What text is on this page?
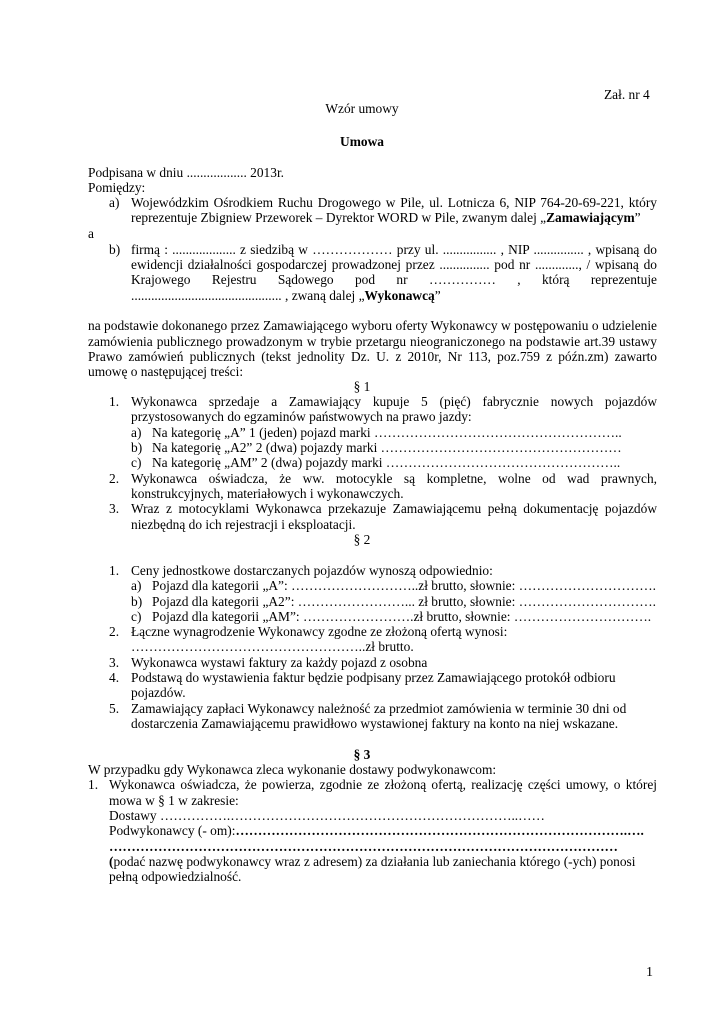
Zał. nr 4
Wzór umowy
Umowa
Podpisana w dniu .................. 2013r.
Pomiędzy:
a) Wojewódzkim Ośrodkiem Ruchu Drogowego w Pile, ul. Lotnicza 6, NIP 764-20-69-221, który
reprezentuje Zbigniew Przeworek – Dyrektor WORD w Pile, zwanym dalej „Zamawiającym”
a
b) firmą : ................... z siedzibą w ……………… przy ul. ................ , NIP ............... , wpisaną do
ewidencji działalności gospodarczej prowadzonej przez ............... pod nr ............., / wpisaną do
Krajowego Rejestru Sądowego pod nr …………… , którą reprezentuje
............................................. , zwaną dalej „Wykonawcą”
na podstawie dokonanego przez Zamawiającego wyboru oferty Wykonawcy w postępowaniu o udzielenie
zamówienia publicznego prowadzonym w trybie przetargu nieograniczonego na podstawie art.39 ustawy
Prawo zamówień publicznych (tekst jednolity Dz. U. z 2010r, Nr 113, poz.759 z późn.zm) zawarto
umowę o następującej treści:
§ 1
1. Wykonawca sprzedaje a Zamawiający kupuje 5 (pięć) fabrycznie nowych pojazdów
przystosowanych do egzaminów państwowych na prawo jazdy:
a) Na kategorię „A” 1 (jeden) pojazd marki ………………………………………………..
b) Na kategorię „A2” 2 (dwa) pojazdy marki ………………………………………………
c) Na kategorię „AM” 2 (dwa) pojazdy marki ……………………………………………..
2. Wykonawca oświadcza, że ww. motocykle są kompletne, wolne od wad prawnych,
konstrukcyjnych, materiałowych i wykonawczych.
3. Wraz z motocyklami Wykonawca przekazuje Zamawiającemu pełną dokumentację pojazdów
niezbędną do ich rejestracji i eksploatacji.
§ 2
1. Ceny jednostkowe dostarczanych pojazdów wynoszą odpowiednio:
a) Pojazd dla kategorii „A”: ………………………..zł brutto, słownie: ………………………….
b) Pojazd dla kategorii „A2”: ……………………... zł brutto, słownie: ………………………….
c) Pojazd dla kategorii „AM”: …………………….zł brutto, słownie: ………………………….
2. Łączne wynagrodzenie Wykonawcy zgodne ze złożoną ofertą wynosi:
……………………………………………..zł brutto.
3. Wykonawca wystawi faktury za każdy pojazd z osobna
4. Podstawą do wystawienia faktur będzie podpisany przez Zamawiającego protokół odbioru
pojazdów.
5. Zamawiający zapłaci Wykonawcy należność za przedmiot zamówienia w terminie 30 dni od
dostarczenia Zamawiającemu prawidłowo wystawionej faktury na konto na niej wskazane.
§ 3
W przypadku gdy Wykonawca zleca wykonanie dostawy podwykonawcom:
1. Wykonawca oświadcza, że powierza, zgodnie ze złożoną ofertą, realizację części umowy, o której
mowa w § 1 w zakresie:
Dostawy …………….………………………………………………………..……
Podwykonawcy (- om):…………………………………………………………………………….….
……………………………………………………………………………………………………
(podać nazwę podwykonawcy wraz z adresem) za działania lub zaniechania którego (-ych) ponosi
pełną odpowiedzialność.
1
